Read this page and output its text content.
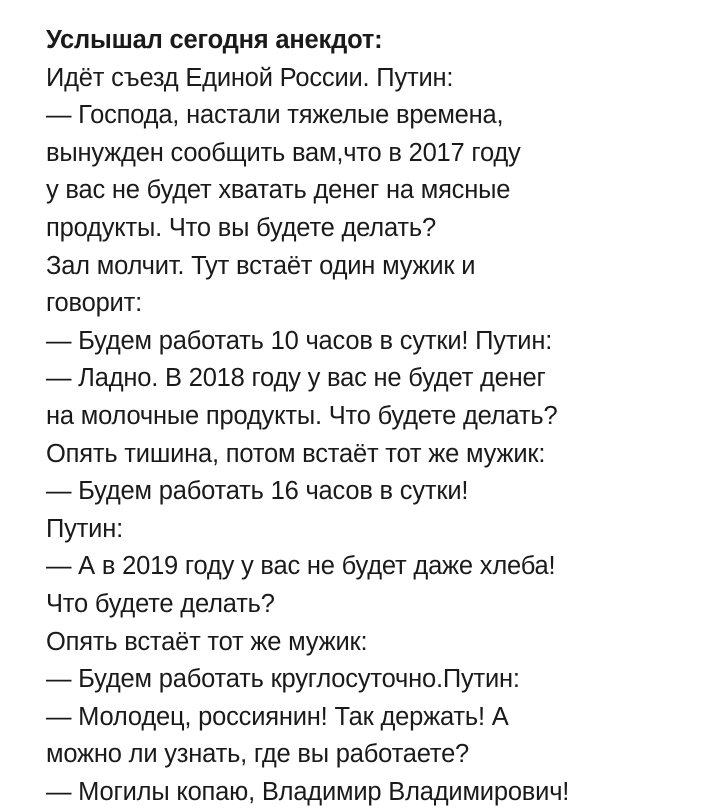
Услышал сегодня анекдот:
Идёт съезд Единой России. Путин:
— Господа, настали тяжелые времена,
вынужден сообщить вам,что в 2017 году
у вас не будет хватать денег на мясные
продукты. Что вы будете делать?
Зал молчит. Тут встаёт один мужик и
говорит:
— Будем работать 10 часов в сутки! Путин:
— Ладно. В 2018 году у вас не будет денег
на молочные продукты. Что будете делать?
Опять тишина, потом встаёт тот же мужик:
— Будем работать 16 часов в сутки!
Путин:
— А в 2019 году у вас не будет даже хлеба!
Что будете делать?
Опять встаёт тот же мужик:
— Будем работать круглосуточно.Путин:
— Молодец, россиянин! Так держать! А
можно ли узнать, где вы работаете?
— Могилы копаю, Владимир Владимирович!
